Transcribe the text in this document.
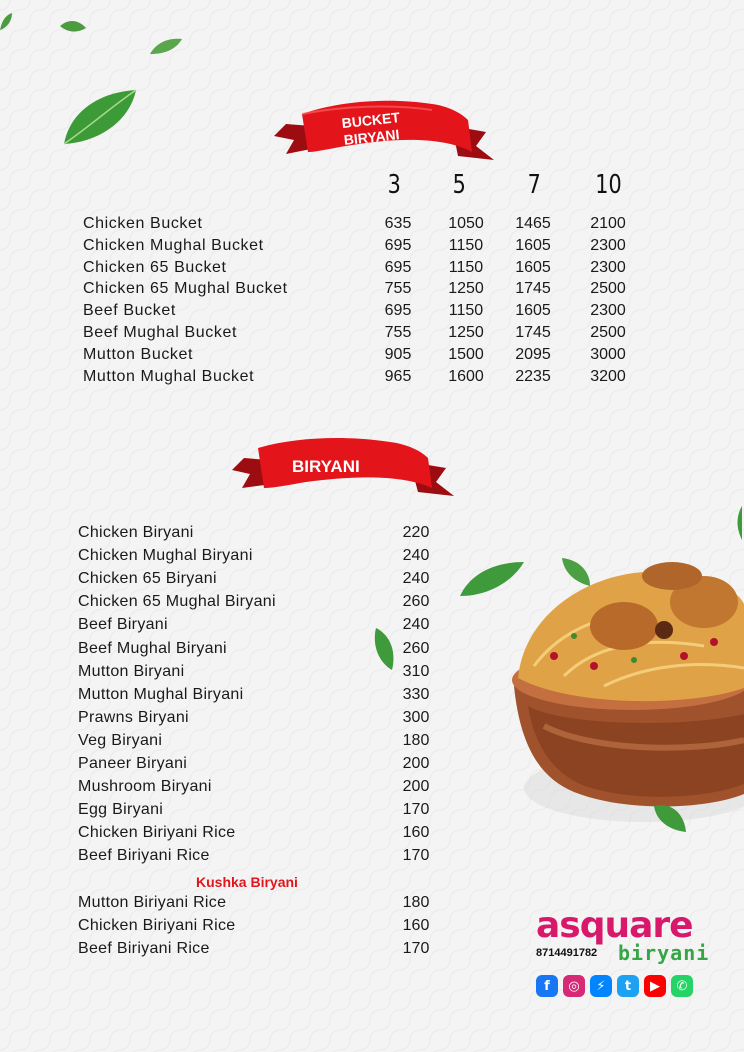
BUCKET
BIRYANI
3 5 7 10
Chicken Bucket	635	1050	1465	2100
Chicken Mughal Bucket	695	1150	1605	2300
Chicken 65 Bucket	695	1150	1605	2300
Chicken 65 Mughal Bucket	755	1250	1745	2500
Beef Bucket	695	1150	1605	2300
Beef Mughal Bucket	755	1250	1745	2500
Mutton Bucket	905	1500	2095	3000
Mutton Mughal Bucket	965	1600	2235	3200
BIRYANI
Chicken Biryani	220
Chicken Mughal Biryani	240
Chicken 65 Biryani	240
Chicken 65 Mughal Biryani	260
Beef Biryani	240
Beef Mughal Biryani	260
Mutton Biryani	310
Mutton Mughal Biryani	330
Prawns Biryani	300
Veg Biryani	180
Paneer Biryani	200
Mushroom Biryani	200
Egg Biryani	170
Chicken Biriyani Rice	160
Beef Biriyani Rice	170
Kushka Biryani
Mutton Biriyani Rice	180
Chicken Biriyani Rice	160
Beef Biriyani Rice	170
asquare
biryani
8714491782
f	◎	⚡	t	▶	✆
